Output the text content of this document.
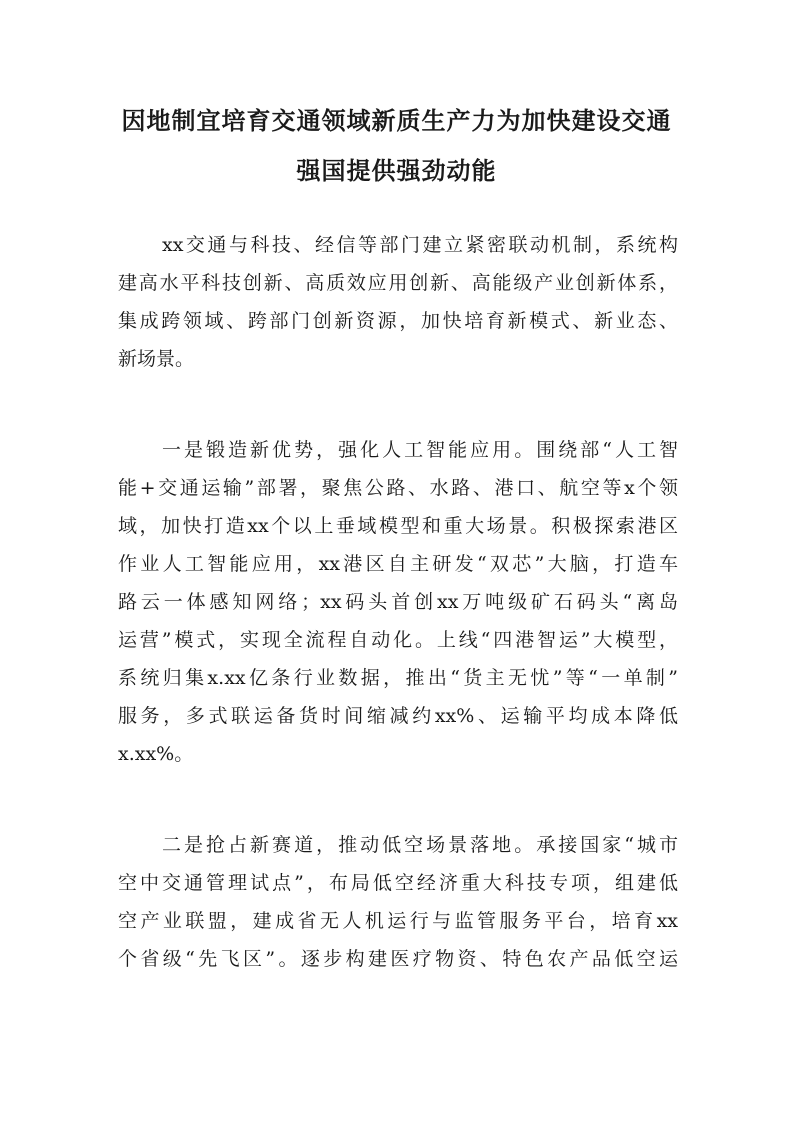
因地制宜培育交通领域新质生产力为加快建设交通
强国提供强劲动能
xx交通与科技、经信等部门建立紧密联动机制，系统构
建高水平科技创新、高质效应用创新、高能级产业创新体系，
集成跨领域、跨部门创新资源，加快培育新模式、新业态、
新场景。
一是锻造新优势，强化人工智能应用。围绕部“人工智
能+交通运输”部署，聚焦公路、水路、港口、航空等x个领
域，加快打造xx个以上垂域模型和重大场景。积极探索港区
作业人工智能应用，xx港区自主研发“双芯”大脑，打造车
路云一体感知网络；xx码头首创xx万吨级矿石码头“离岛
运营”模式，实现全流程自动化。上线“四港智运”大模型，
系统归集x.xx亿条行业数据，推出“货主无忧”等“一单制”
服务，多式联运备货时间缩减约xx%、运输平均成本降低
x.xx%。
二是抢占新赛道，推动低空场景落地。承接国家“城市
空中交通管理试点”，布局低空经济重大科技专项，组建低
空产业联盟，建成省无人机运行与监管服务平台，培育xx
个省级“先飞区”。逐步构建医疗物资、特色农产品低空运
